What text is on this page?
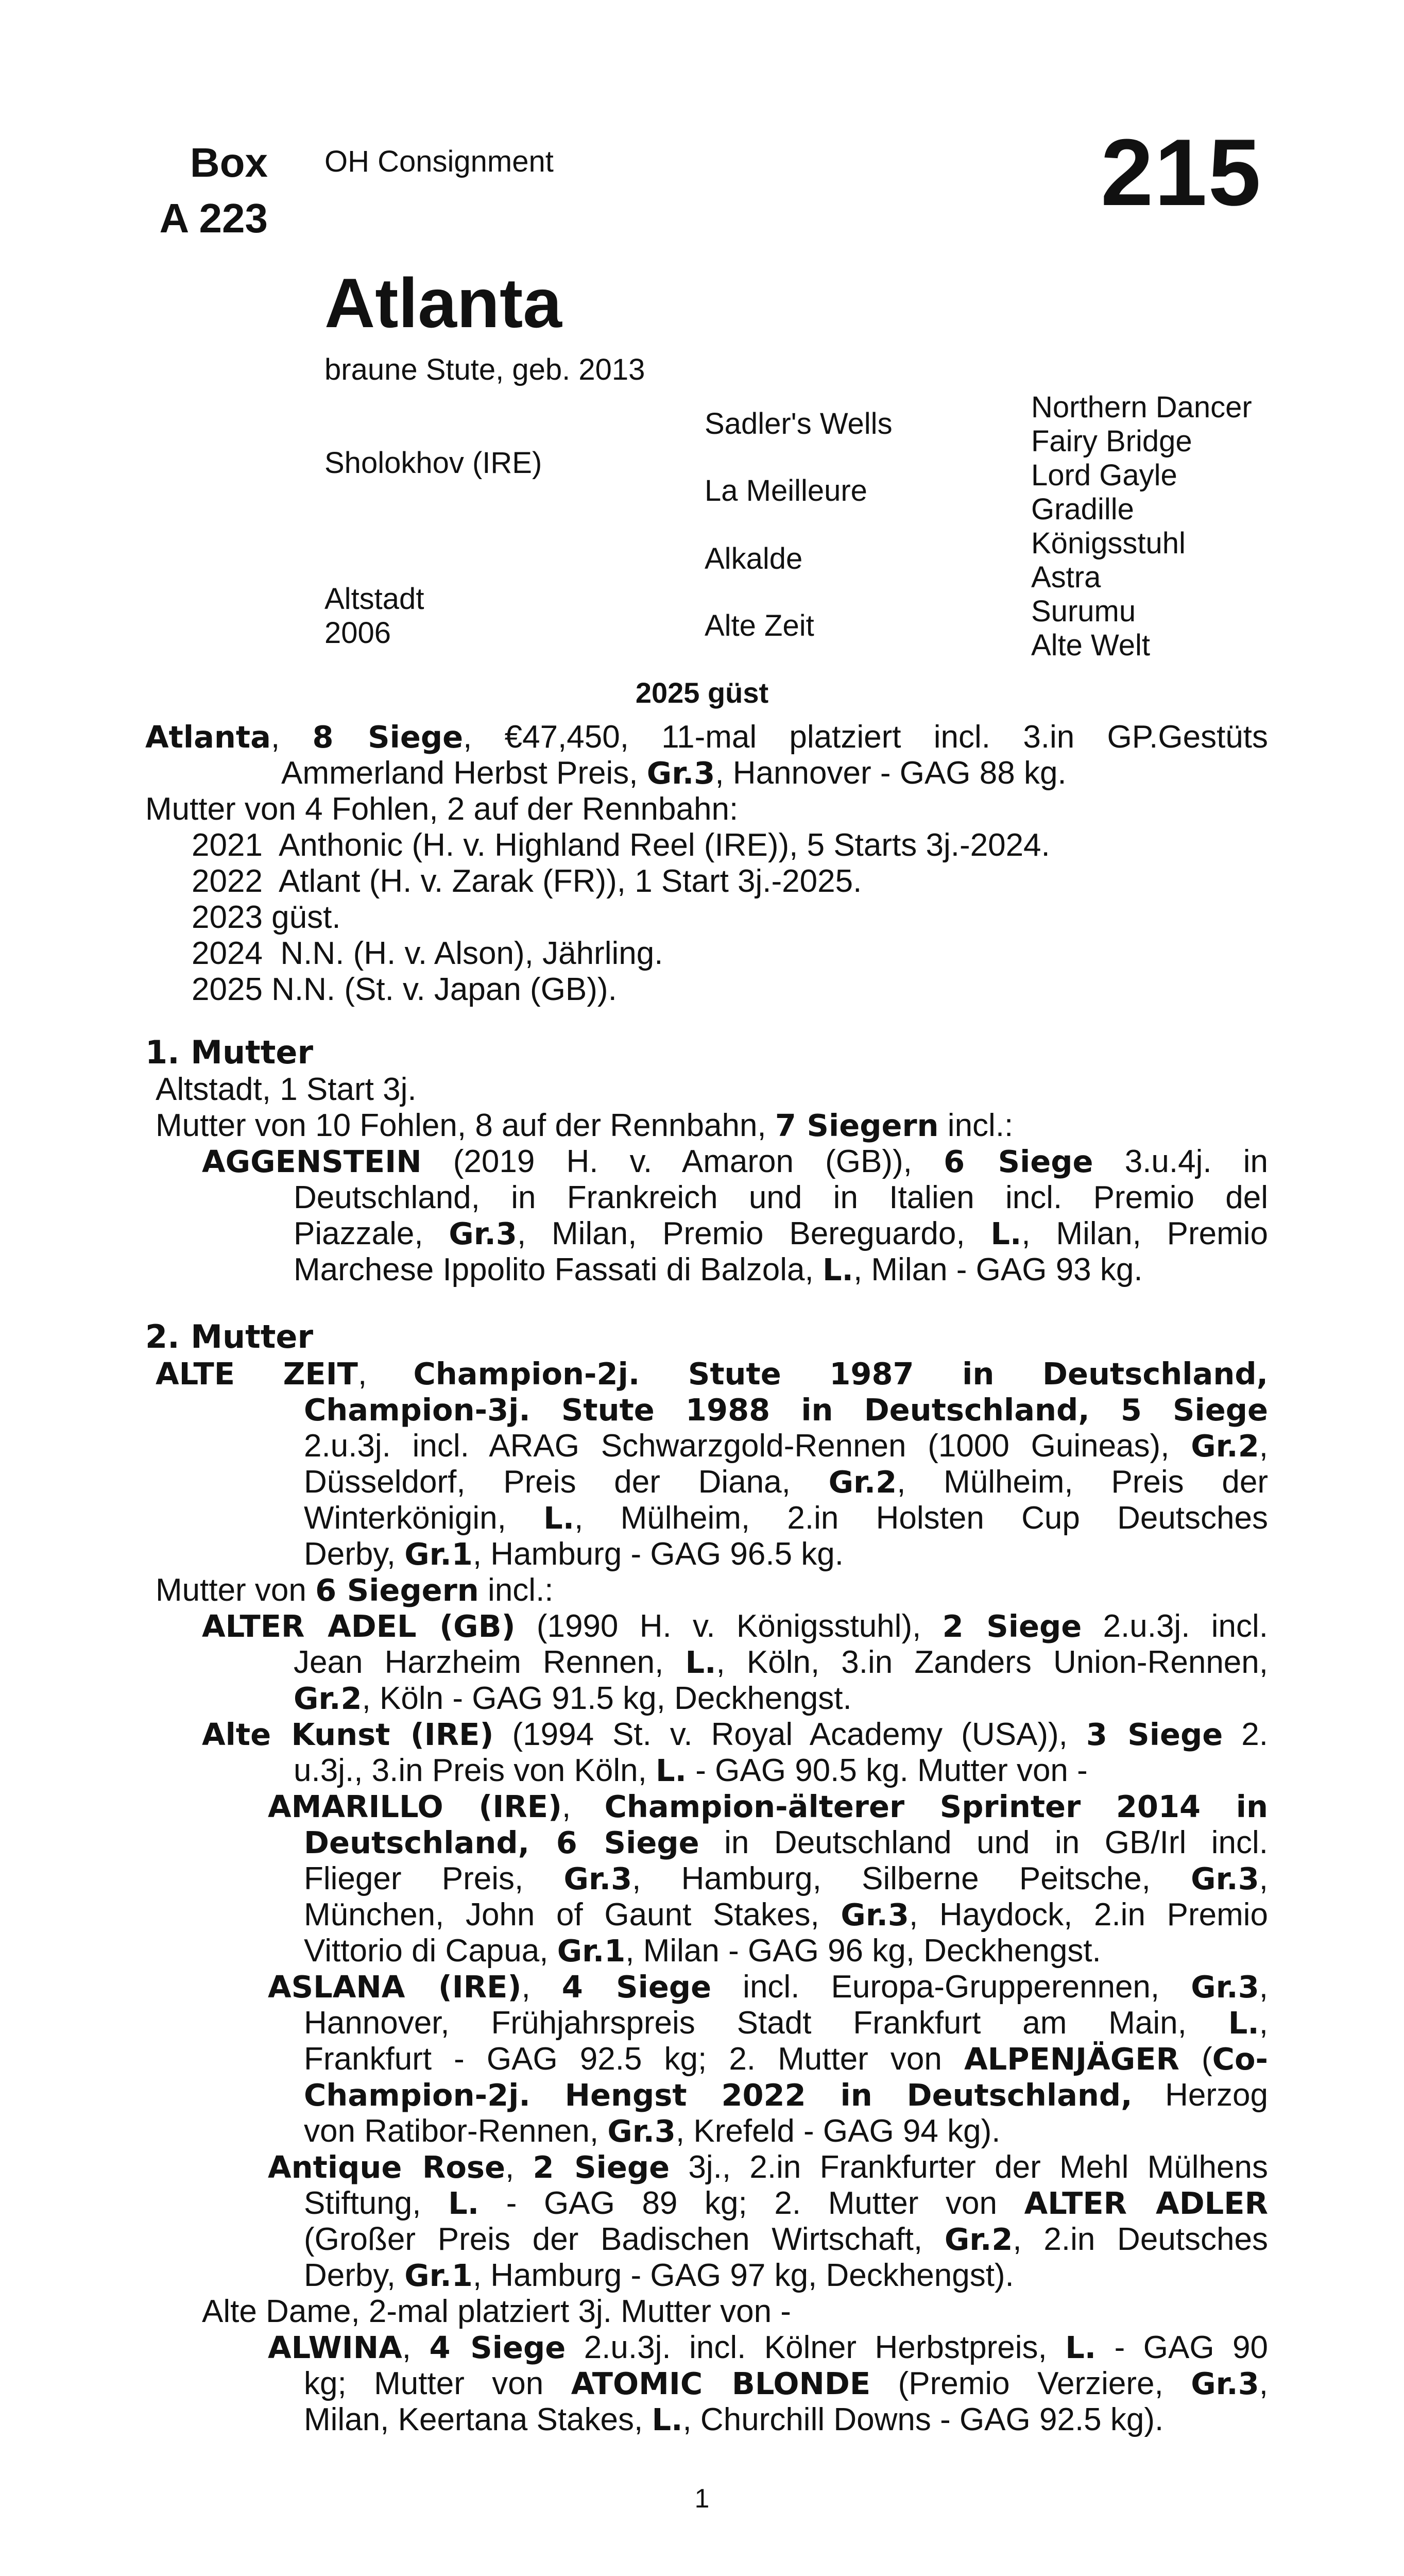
Box
A 223
OH Consignment	215
Atlanta
braune Stute, geb. 2013
Sholokhov (IRE)
Altstadt
2006
Sadler's Wells
La Meilleure
Alkalde
Alte Zeit
Northern Dancer
Fairy Bridge
Lord Gayle
Gradille
Königsstuhl
Astra
Surumu
Alte Welt
2025 güst
Atlanta, 8 Siege, €47,450, 11-mal platziert incl. 3.in GP.Gestüts
Ammerland Herbst Preis, Gr.3, Hannover - GAG 88 kg.
Mutter von 4 Fohlen, 2 auf der Rennbahn:
2021  Anthonic (H. v. Highland Reel (IRE)), 5 Starts 3j.-2024.
2022  Atlant (H. v. Zarak (FR)), 1 Start 3j.-2025.
2023 güst.
2024  N.N. (H. v. Alson), Jährling.
2025 N.N. (St. v. Japan (GB)).
1. Mutter
Altstadt, 1 Start 3j.
Mutter von 10 Fohlen, 8 auf der Rennbahn, 7 Siegern incl.:
AGGENSTEIN (2019 H. v. Amaron (GB)), 6 Siege 3.u.4j. in
Deutschland, in Frankreich und in Italien incl. Premio del
Piazzale, Gr.3, Milan, Premio Bereguardo, L., Milan, Premio
Marchese Ippolito Fassati di Balzola, L., Milan - GAG 93 kg.
2. Mutter
ALTE ZEIT, Champion-2j. Stute 1987 in Deutschland,
Champion-3j. Stute 1988 in Deutschland, 5 Siege
2.u.3j. incl. ARAG Schwarzgold-Rennen (1000 Guineas), Gr.2,
Düsseldorf, Preis der Diana, Gr.2, Mülheim, Preis der
Winterkönigin, L., Mülheim, 2.in Holsten Cup Deutsches
Derby, Gr.1, Hamburg - GAG 96.5 kg.
Mutter von 6 Siegern incl.:
ALTER ADEL (GB) (1990 H. v. Königsstuhl), 2 Siege 2.u.3j. incl.
Jean Harzheim Rennen, L., Köln, 3.in Zanders Union-Rennen,
Gr.2, Köln - GAG 91.5 kg, Deckhengst.
Alte Kunst (IRE) (1994 St. v. Royal Academy (USA)), 3 Siege 2.
u.3j., 3.in Preis von Köln, L. - GAG 90.5 kg. Mutter von -
AMARILLO (IRE), Champion-älterer Sprinter 2014 in
Deutschland, 6 Siege in Deutschland und in GB/Irl incl.
Flieger Preis, Gr.3, Hamburg, Silberne Peitsche, Gr.3,
München, John of Gaunt Stakes, Gr.3, Haydock, 2.in Premio
Vittorio di Capua, Gr.1, Milan - GAG 96 kg, Deckhengst.
ASLANA (IRE), 4 Siege incl. Europa-Grupperennen, Gr.3,
Hannover, Frühjahrspreis Stadt Frankfurt am Main, L.,
Frankfurt - GAG 92.5 kg; 2. Mutter von ALPENJÄGER (Co-
Champion-2j. Hengst 2022 in Deutschland, Herzog
von Ratibor-Rennen, Gr.3, Krefeld - GAG 94 kg).
Antique Rose, 2 Siege 3j., 2.in Frankfurter der Mehl Mülhens
Stiftung, L. - GAG 89 kg; 2. Mutter von ALTER ADLER
(Großer Preis der Badischen Wirtschaft, Gr.2, 2.in Deutsches
Derby, Gr.1, Hamburg - GAG 97 kg, Deckhengst).
Alte Dame, 2-mal platziert 3j. Mutter von -
ALWINA, 4 Siege 2.u.3j. incl. Kölner Herbstpreis, L. - GAG 90
kg; Mutter von ATOMIC BLONDE (Premio Verziere, Gr.3,
Milan, Keertana Stakes, L., Churchill Downs - GAG 92.5 kg).
1
